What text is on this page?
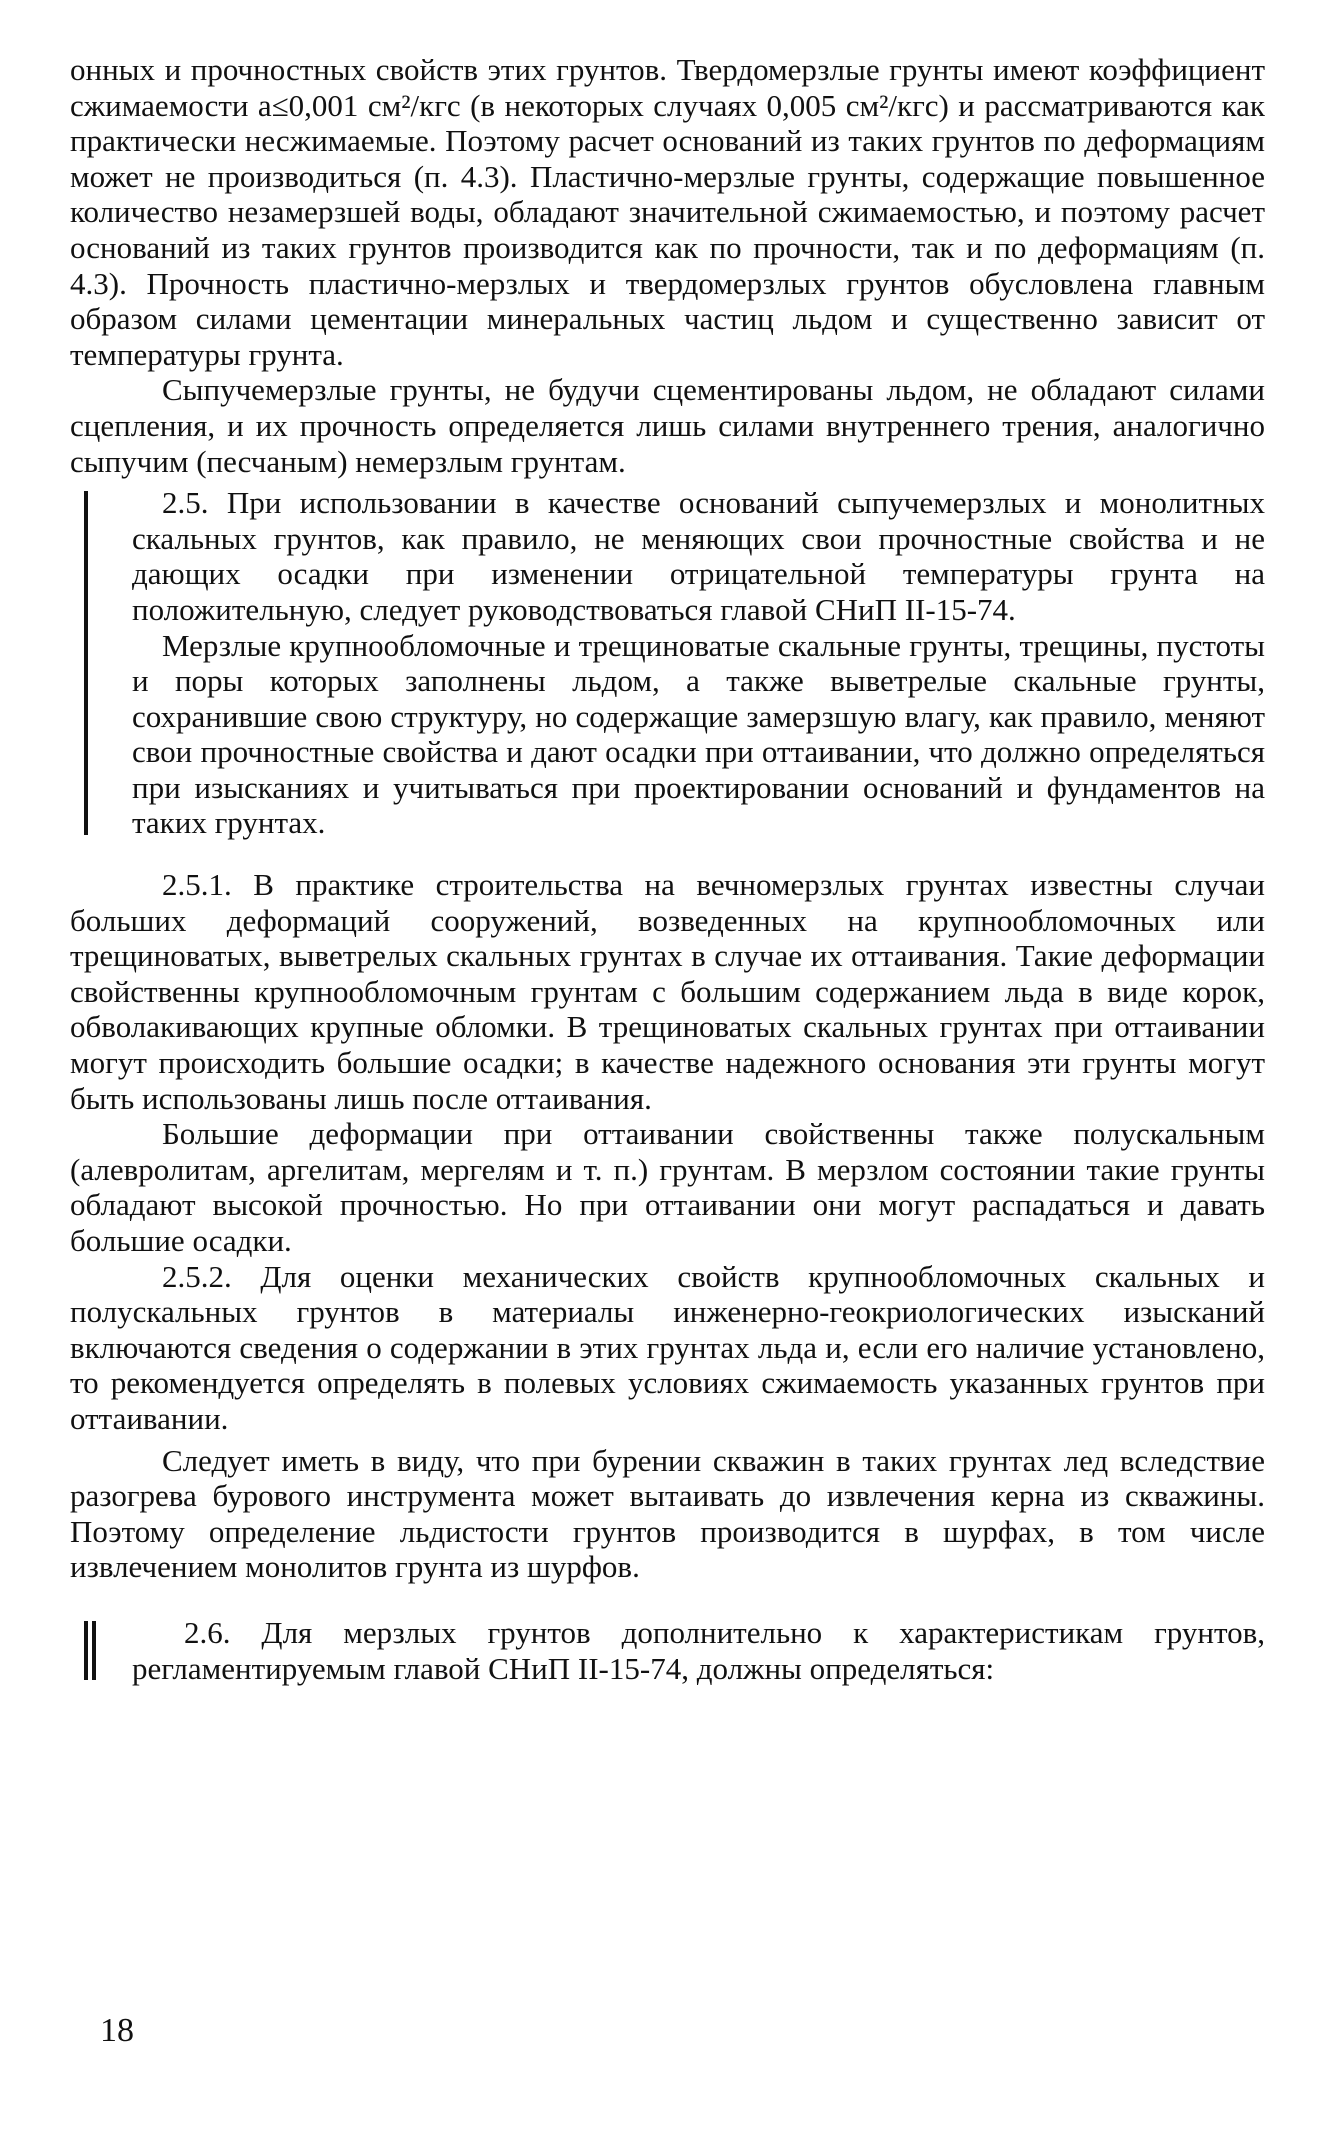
онных и прочностных свойств этих грунтов. Твердомерзлые грунты имеют коэффициент сжимаемости a≤0,001 см²/кгс (в некоторых случаях 0,005 см²/кгс) и рассматриваются как практически несжимаемые. Поэтому расчет оснований из таких грунтов по деформациям может не производиться (п. 4.3). Пластично-мерзлые грунты, содержащие повышенное количество незамерзшей воды, обладают значительной сжимаемостью, и поэтому расчет оснований из таких грунтов производится как по прочности, так и по деформациям (п. 4.3). Прочность пластично-мерзлых и твердомерзлых грунтов обусловлена главным образом силами цементации минеральных частиц льдом и существенно зависит от температуры грунта.

Сыпучемерзлые грунты, не будучи сцементированы льдом, не обладают силами сцепления, и их прочность определяется лишь силами внутреннего трения, аналогично сыпучим (песчаным) немерзлым грунтам.

2.5. При использовании в качестве оснований сыпучемерзлых и монолитных скальных грунтов, как правило, не меняющих свои прочностные свойства и не дающих осадки при изменении отрицательной температуры грунта на положительную, следует руководствоваться главой СНиП II-15-74.

Мерзлые крупнообломочные и трещиноватые скальные грунты, трещины, пустоты и поры которых заполнены льдом, а также выветрелые скальные грунты, сохранившие свою структуру, но содержащие замерзшую влагу, как правило, меняют свои прочностные свойства и дают осадки при оттаивании, что должно определяться при изысканиях и учитываться при проектировании оснований и фундаментов на таких грунтах.

2.5.1. В практике строительства на вечномерзлых грунтах известны случаи больших деформаций сооружений, возведенных на крупнообломочных или трещиноватых, выветрелых скальных грунтах в случае их оттаивания. Такие деформации свойственны крупнообломочным грунтам с большим содержанием льда в виде корок, обволакивающих крупные обломки. В трещиноватых скальных грунтах при оттаивании могут происходить большие осадки; в качестве надежного основания эти грунты могут быть использованы лишь после оттаивания.

Большие деформации при оттаивании свойственны также полускальным (алевролитам, аргелитам, мергелям и т. п.) грунтам. В мерзлом состоянии такие грунты обладают высокой прочностью. Но при оттаивании они могут распадаться и давать большие осадки.

2.5.2. Для оценки механических свойств крупнообломочных скальных и полускальных грунтов в материалы инженерно-геокриологических изысканий включаются сведения о содержании в этих грунтах льда и, если его наличие установлено, то рекомендуется определять в полевых условиях сжимаемость указанных грунтов при оттаивании.

Следует иметь в виду, что при бурении скважин в таких грунтах лед вследствие разогрева бурового инструмента может вытаивать до извлечения керна из скважины. Поэтому определение льдистости грунтов производится в шурфах, в том числе извлечением монолитов грунта из шурфов.

2.6. Для мерзлых грунтов дополнительно к характеристикам грунтов, регламентируемым главой СНиП II-15-74, должны определяться:

18
